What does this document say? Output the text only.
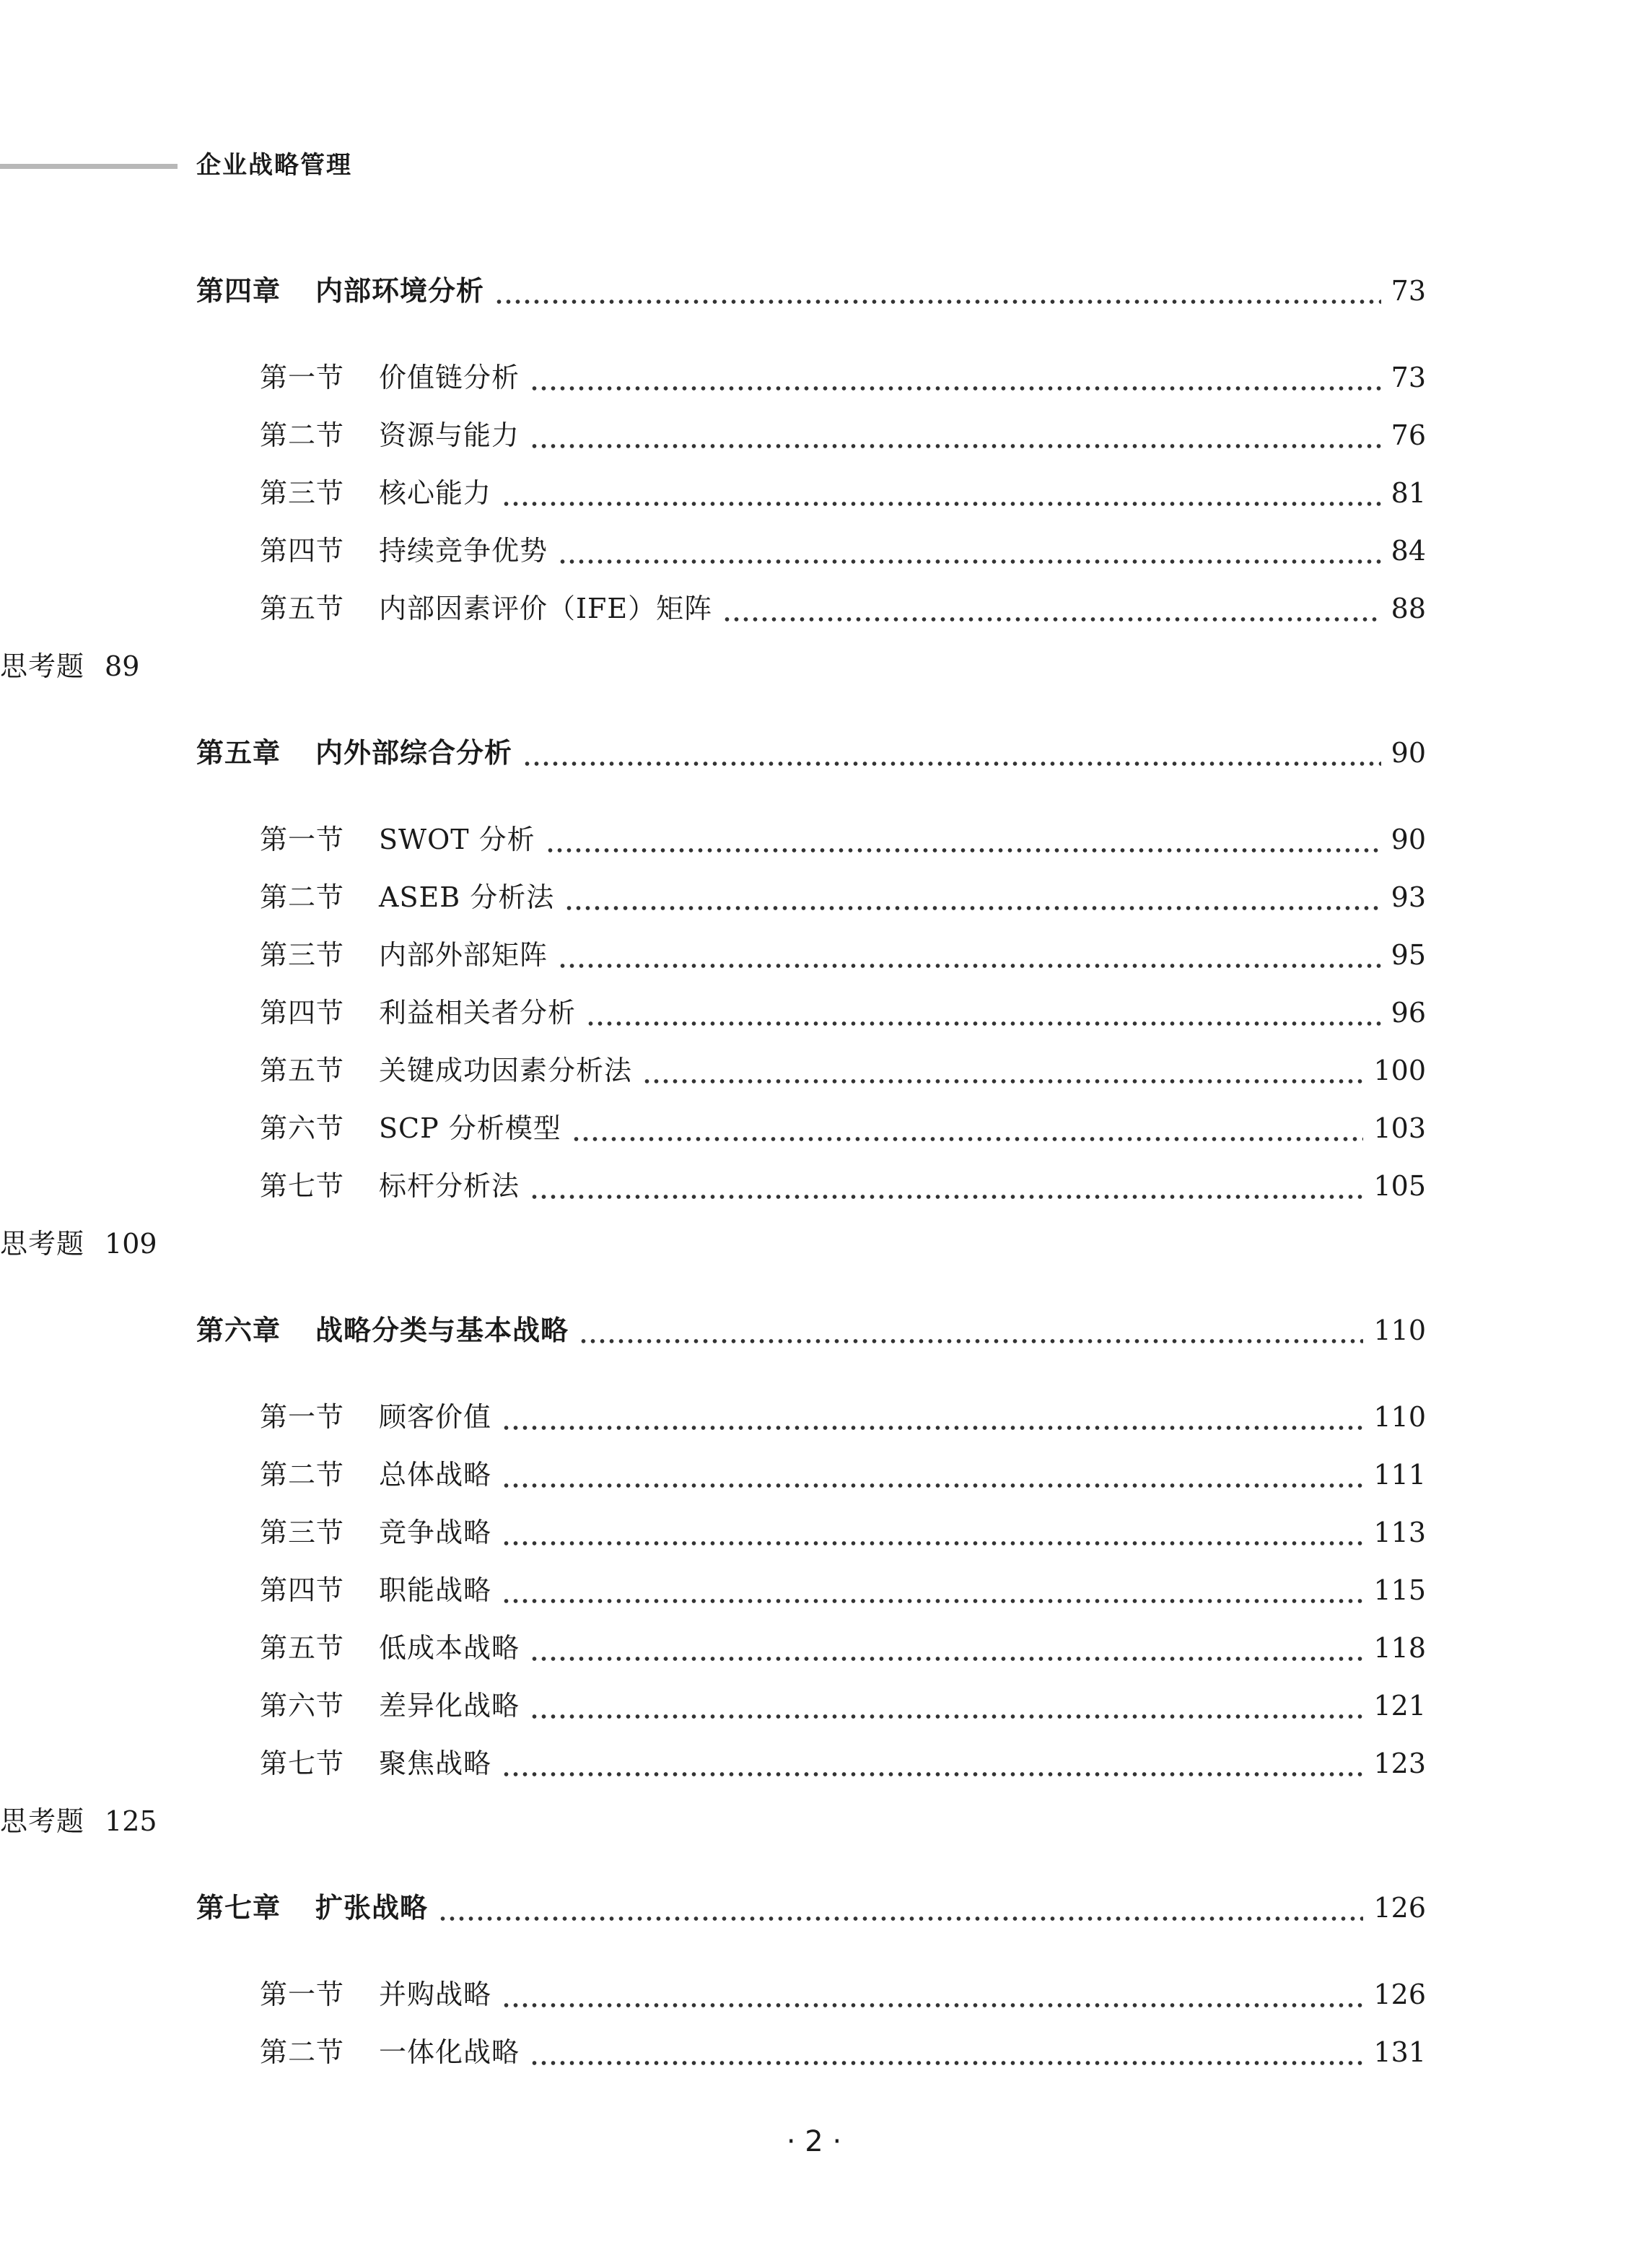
企业战略管理
第四章 内部环境分析	73
第一节 价值链分析	73
第二节 资源与能力	76
第三节 核心能力	81
第四节 持续竞争优势	84
第五节 内部因素评价（IFE）矩阵	88
思考题 89
第五章 内外部综合分析	90
第一节 SWOT 分析	90
第二节 ASEB 分析法	93
第三节 内部外部矩阵	95
第四节 利益相关者分析	96
第五节 关键成功因素分析法	100
第六节 SCP 分析模型	103
第七节 标杆分析法	105
思考题 109
第六章 战略分类与基本战略	110
第一节 顾客价值	110
第二节 总体战略	111
第三节 竞争战略	113
第四节 职能战略	115
第五节 低成本战略	118
第六节 差异化战略	121
第七节 聚焦战略	123
思考题 125
第七章 扩张战略	126
第一节 并购战略	126
第二节 一体化战略	131
· 2 ·
